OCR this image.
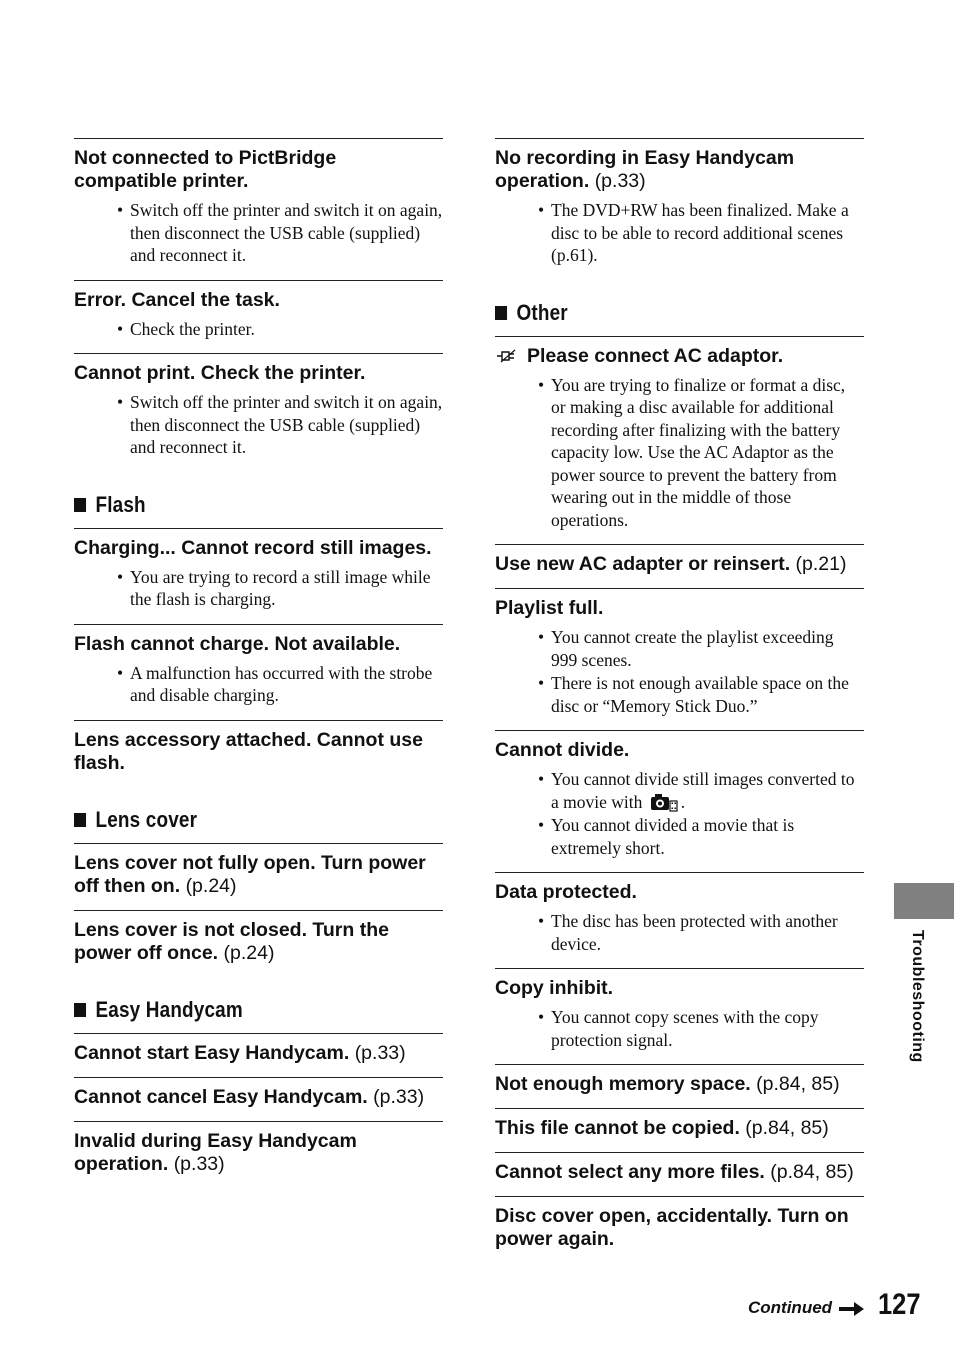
Not connected to PictBridge compatible printer.

• Switch off the printer and switch it on again, then disconnect the USB cable (supplied) and reconnect it.

Error. Cancel the task.

• Check the printer.

Cannot print. Check the printer.

• Switch off the printer and switch it on again, then disconnect the USB cable (supplied) and reconnect it.
Flash

Charging... Cannot record still images.

• You are trying to record a still image while the flash is charging.

Flash cannot charge. Not available.

• A malfunction has occurred with the strobe and disable charging.

Lens accessory attached. Cannot use flash.

Lens cover

Lens cover not fully open. Turn power off then on. (p.24)

Lens cover is not closed. Turn the power off once. (p.24)

Easy Handycam

Cannot start Easy Handycam. (p.33)

Cannot cancel Easy Handycam. (p.33)

Invalid during Easy Handycam operation. (p.33)

No recording in Easy Handycam operation. (p.33)

• The DVD+RW has been finalized. Make a disc to be able to record additional scenes (p.61).
Other

Please connect AC adaptor.

• You are trying to finalize or format a disc, or making a disc available for additional recording after finalizing with the battery capacity low. Use the AC Adaptor as the power source to prevent the battery from wearing out in the middle of those operations.

Use new AC adapter or reinsert. (p.21)

Playlist full.

• You cannot create the playlist exceeding 999 scenes.
• There is not enough available space on the disc or “Memory Stick Duo.”

Cannot divide.

• You cannot divide still images converted to a movie with .
• You cannot divided a movie that is extremely short.

Data protected.

• The disc has been protected with another device.

Copy inhibit.

• You cannot copy scenes with the copy protection signal.

Not enough memory space. (p.84, 85)

This file cannot be copied. (p.84, 85)

Cannot select any more files. (p.84, 85)

Disc cover open, accidentally. Turn on power again.

Troubleshooting
Continued 127
